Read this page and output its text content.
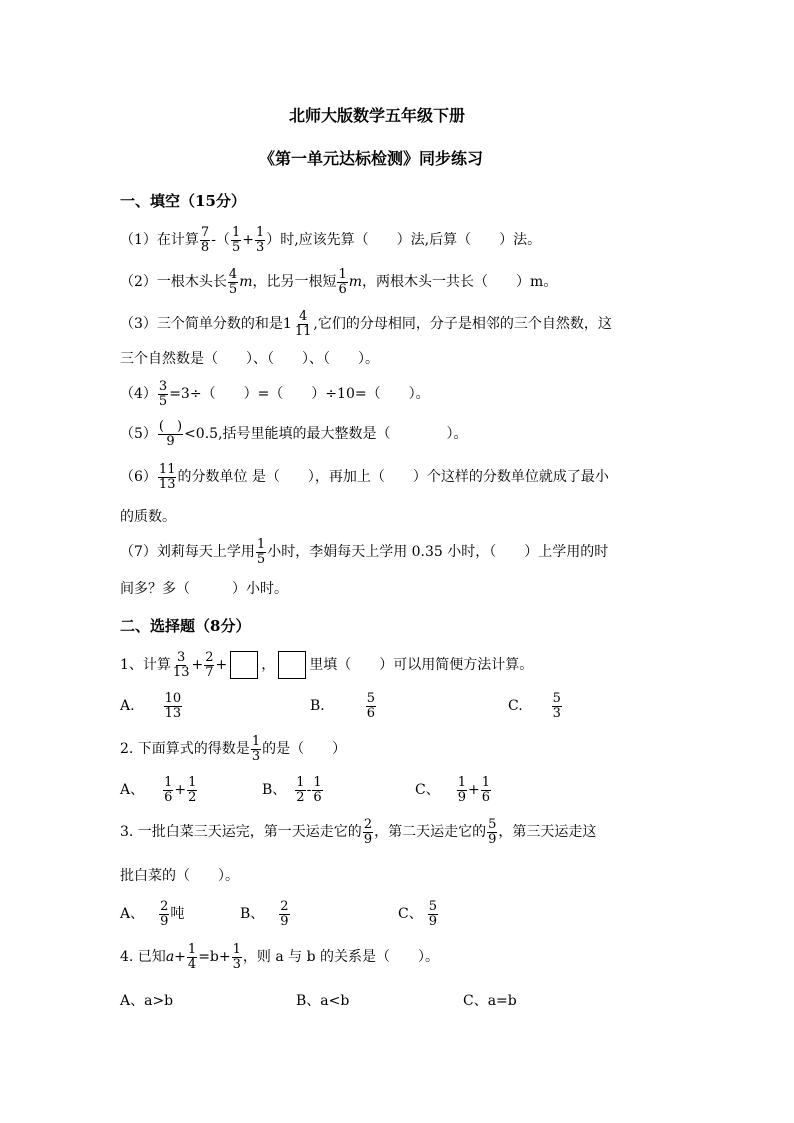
北师大版数学五年级下册
《第一单元达标检测》同步练习
一、填空（15分）
（1）在计算 $\frac{7}{8}$ -（ $\frac{1}{5} + \frac{1}{3}$ ）时,应该先算（　　）法,后算（　　）法。
（2）一根木头长 $\frac{4}{5}$ m，比另一根短 $\frac{1}{6}$ m，两根木头一共长（　　）m。
（3）三个简单分数的和是 $1 \frac{4}{11}$ ,它们的分母相同，分子是相邻的三个自然数，这
三个自然数是（　　）、（　　）、（　　）。
$(4) \frac{3}{5} =3\div$（　　）=（　　）÷10=（　　）。
$(5) \frac{( )}{9} <0.5$,括号里能填的最大整数是（　　　　）。
$(6) \frac{11}{13}$ 的分数单位 是（　　），再加上（　　）个这样的分数单位就成了最小
的质数。
（7）刘莉每天上学用 $\frac{1}{5}$ 小时，李娟每天上学用 0.35 小时，（　　）上学用的时
间多？多（　　　）小时。
二、选择题（8分）
1、计算 $\frac{3}{13} + \frac{2}{7}$ + ， 里填（　　）可以用简便方法计算。
A. $\frac{10}{13}$	B.	$\frac{5}{6}$	C. $\frac{5}{3}$
2. 下面算式的得数是 $\frac{1}{3}$ 的是（　　）
A、 $\frac{1}{6} + \frac{1}{2}$	B、 $\frac{1}{2} - \frac{1}{6}$	C、 $\frac{1}{9} + \frac{1}{6}$
3. 一批白菜三天运完，第一天运走它的 $\frac{2}{9}$ ，第二天运走它的 $\frac{5}{9}$ ，第三天运走这
批白菜的（　　）。
A、 $\frac{2}{9}$ 吨	B、 $\frac{2}{9}$	C、 $\frac{5}{9}$
4. 已知$a+ \frac{1}{4} =b+ \frac{1}{3}$ ，则 a 与 b 的关系是（　　）。
A、a>b	B、a<b	C、a=b
